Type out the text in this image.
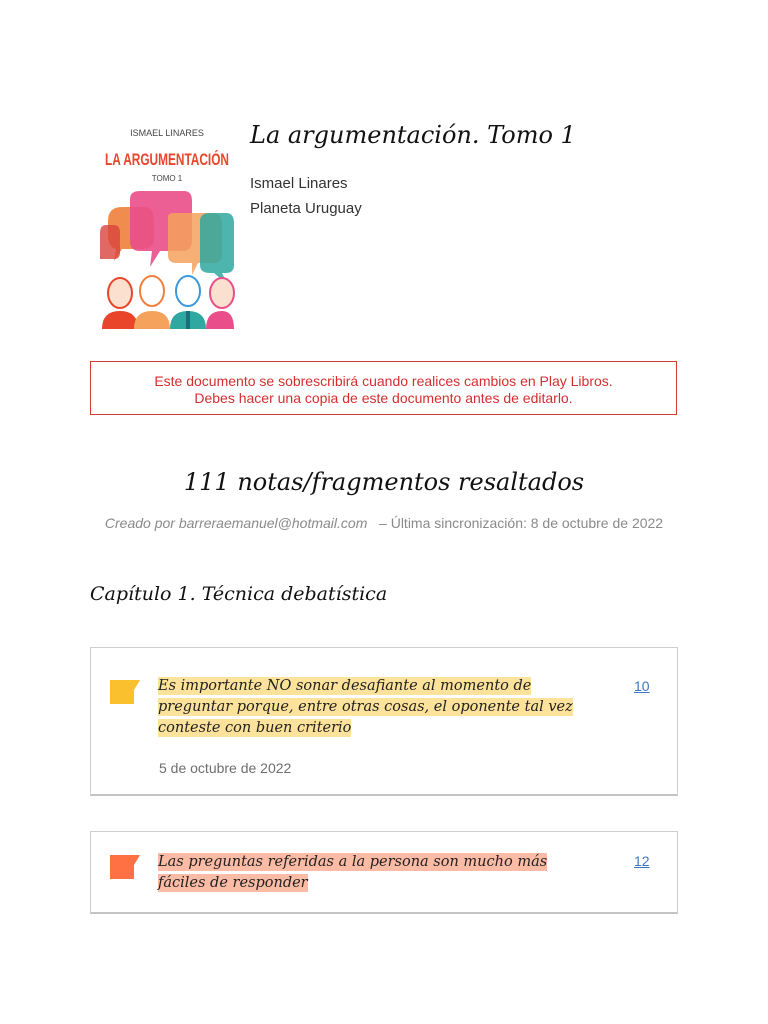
ISMAEL LINARES
LA ARGUMENTACIÓN
TOMO 1
La argumentación. Tomo 1
Ismael Linares
Planeta Uruguay
Este documento se sobrescribirá cuando realices cambios en Play Libros.
Debes hacer una copia de este documento antes de editarlo.
111 notas/fragmentos resaltados
Creado por barreraemanuel@hotmail.com – Última sincronización: 8 de octubre de 2022
Capítulo 1. Técnica debatística

Es importante NO sonar desafiante al momento de preguntar porque, entre otras cosas, el oponente tal vez conteste con buen criterio

10
5 de octubre de 2022

Las preguntas referidas a la persona son mucho más fáciles de responder

12
